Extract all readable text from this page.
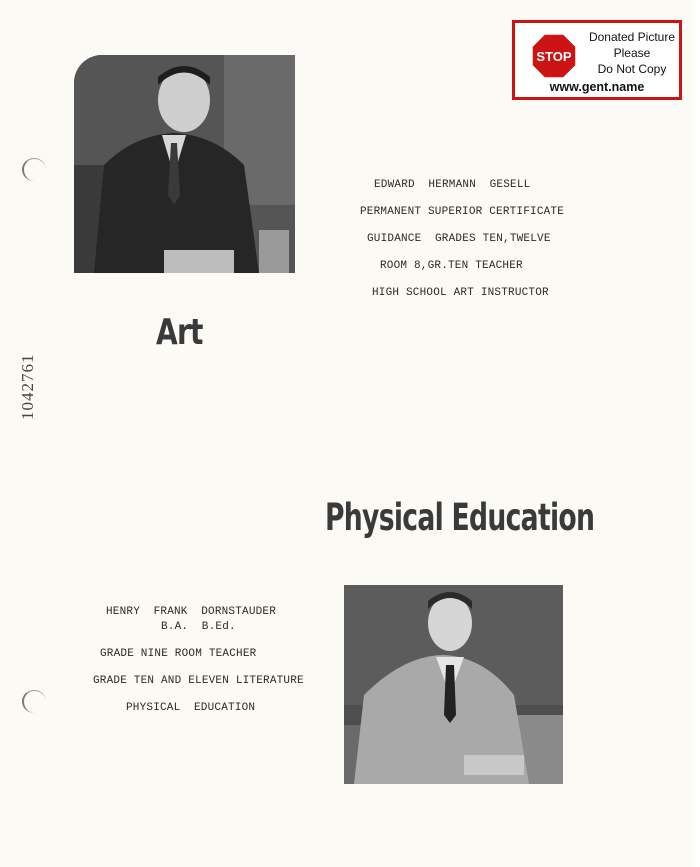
EDWARD  HERMANN  GESELL
PERMANENT SUPERIOR CERTIFICATE
GUIDANCE  GRADES TEN,TWELVE
ROOM 8,GR.TEN TEACHER
HIGH SCHOOL ART INSTRUCTOR
Art
1042761
Physical Education
HENRY  FRANK  DORNSTAUDER
B.A.  B.Ed.
GRADE NINE ROOM TEACHER
GRADE TEN AND ELEVEN LITERATURE
PHYSICAL  EDUCATION
STOP
Donated Picture
Please
Do Not Copy
www.gent.name
